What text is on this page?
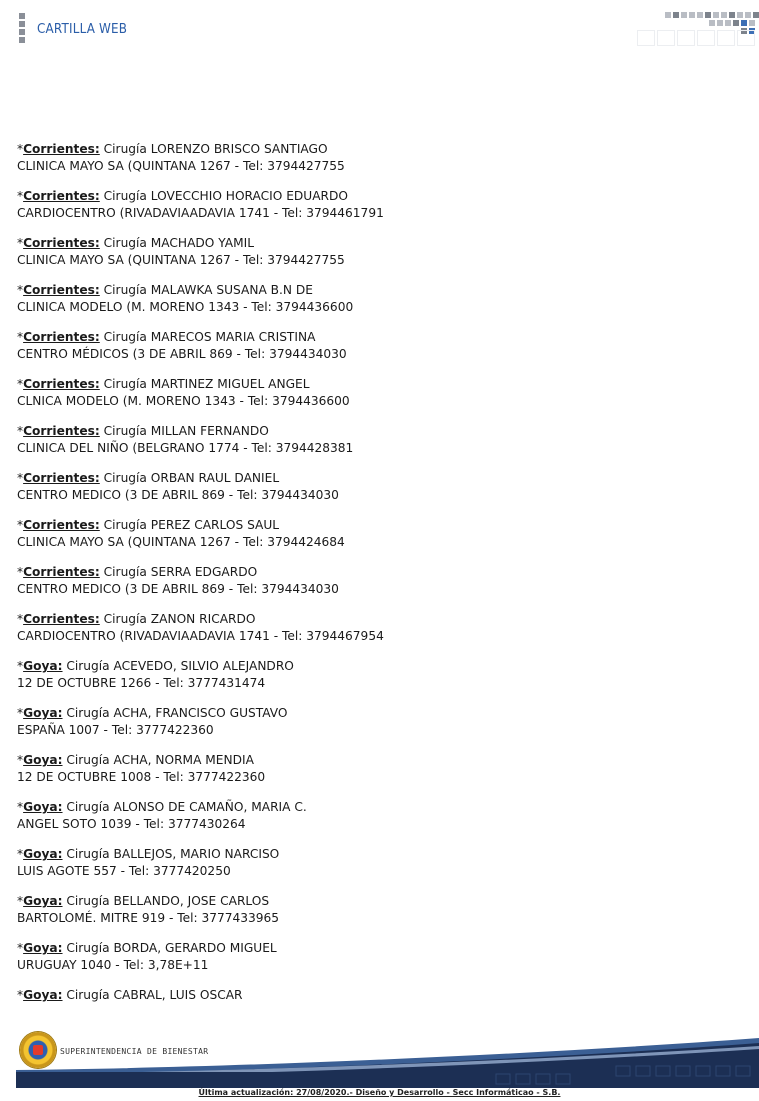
CARTILLA WEB
*Corrientes: Cirugía LORENZO BRISCO SANTIAGO
CLINICA MAYO SA (QUINTANA 1267 - Tel: 3794427755
*Corrientes: Cirugía LOVECCHIO HORACIO EDUARDO
CARDIOCENTRO (RIVADAVIAADAVIA 1741 - Tel: 3794461791
*Corrientes: Cirugía MACHADO YAMIL
CLINICA MAYO SA (QUINTANA 1267 - Tel: 3794427755
*Corrientes: Cirugía MALAWKA SUSANA B.N DE
CLINICA MODELO (M. MORENO 1343 - Tel: 3794436600
*Corrientes: Cirugía MARECOS MARIA CRISTINA
CENTRO MÉDICOS (3 DE ABRIL 869 - Tel: 3794434030
*Corrientes: Cirugía MARTINEZ MIGUEL ANGEL
CLNICA MODELO (M. MORENO 1343 - Tel: 3794436600
*Corrientes: Cirugía MILLAN FERNANDO
CLINICA DEL NIÑO (BELGRANO 1774 - Tel: 3794428381
*Corrientes: Cirugía ORBAN RAUL DANIEL
CENTRO MEDICO (3 DE ABRIL 869 - Tel: 3794434030
*Corrientes: Cirugía PEREZ CARLOS SAUL
CLINICA MAYO SA (QUINTANA 1267 - Tel: 3794424684
*Corrientes: Cirugía SERRA EDGARDO
CENTRO MEDICO (3 DE ABRIL 869 - Tel: 3794434030
*Corrientes: Cirugía ZANON RICARDO
CARDIOCENTRO (RIVADAVIAADAVIA 1741 - Tel: 3794467954
*Goya: Cirugía ACEVEDO, SILVIO ALEJANDRO
12 DE OCTUBRE 1266 - Tel: 3777431474
*Goya: Cirugía ACHA, FRANCISCO GUSTAVO
ESPAÑA 1007 - Tel: 3777422360
*Goya: Cirugía ACHA, NORMA MENDIA
12 DE OCTUBRE 1008 - Tel: 3777422360
*Goya: Cirugía ALONSO DE CAMAÑO, MARIA C.
ANGEL SOTO 1039 - Tel: 3777430264
*Goya: Cirugía BALLEJOS, MARIO NARCISO
LUIS AGOTE 557 - Tel: 3777420250
*Goya: Cirugía BELLANDO, JOSE CARLOS
BARTOLOMÉ. MITRE 919 - Tel: 3777433965
*Goya: Cirugía BORDA, GERARDO MIGUEL
URUGUAY 1040 - Tel: 3,78E+11
*Goya: Cirugía CABRAL, LUIS OSCAR
SUPERINTENDENCIA DE BIENESTAR
Última actualización: 27/08/2020.- Diseño y Desarrollo - Secc Informáticao - S.B.
